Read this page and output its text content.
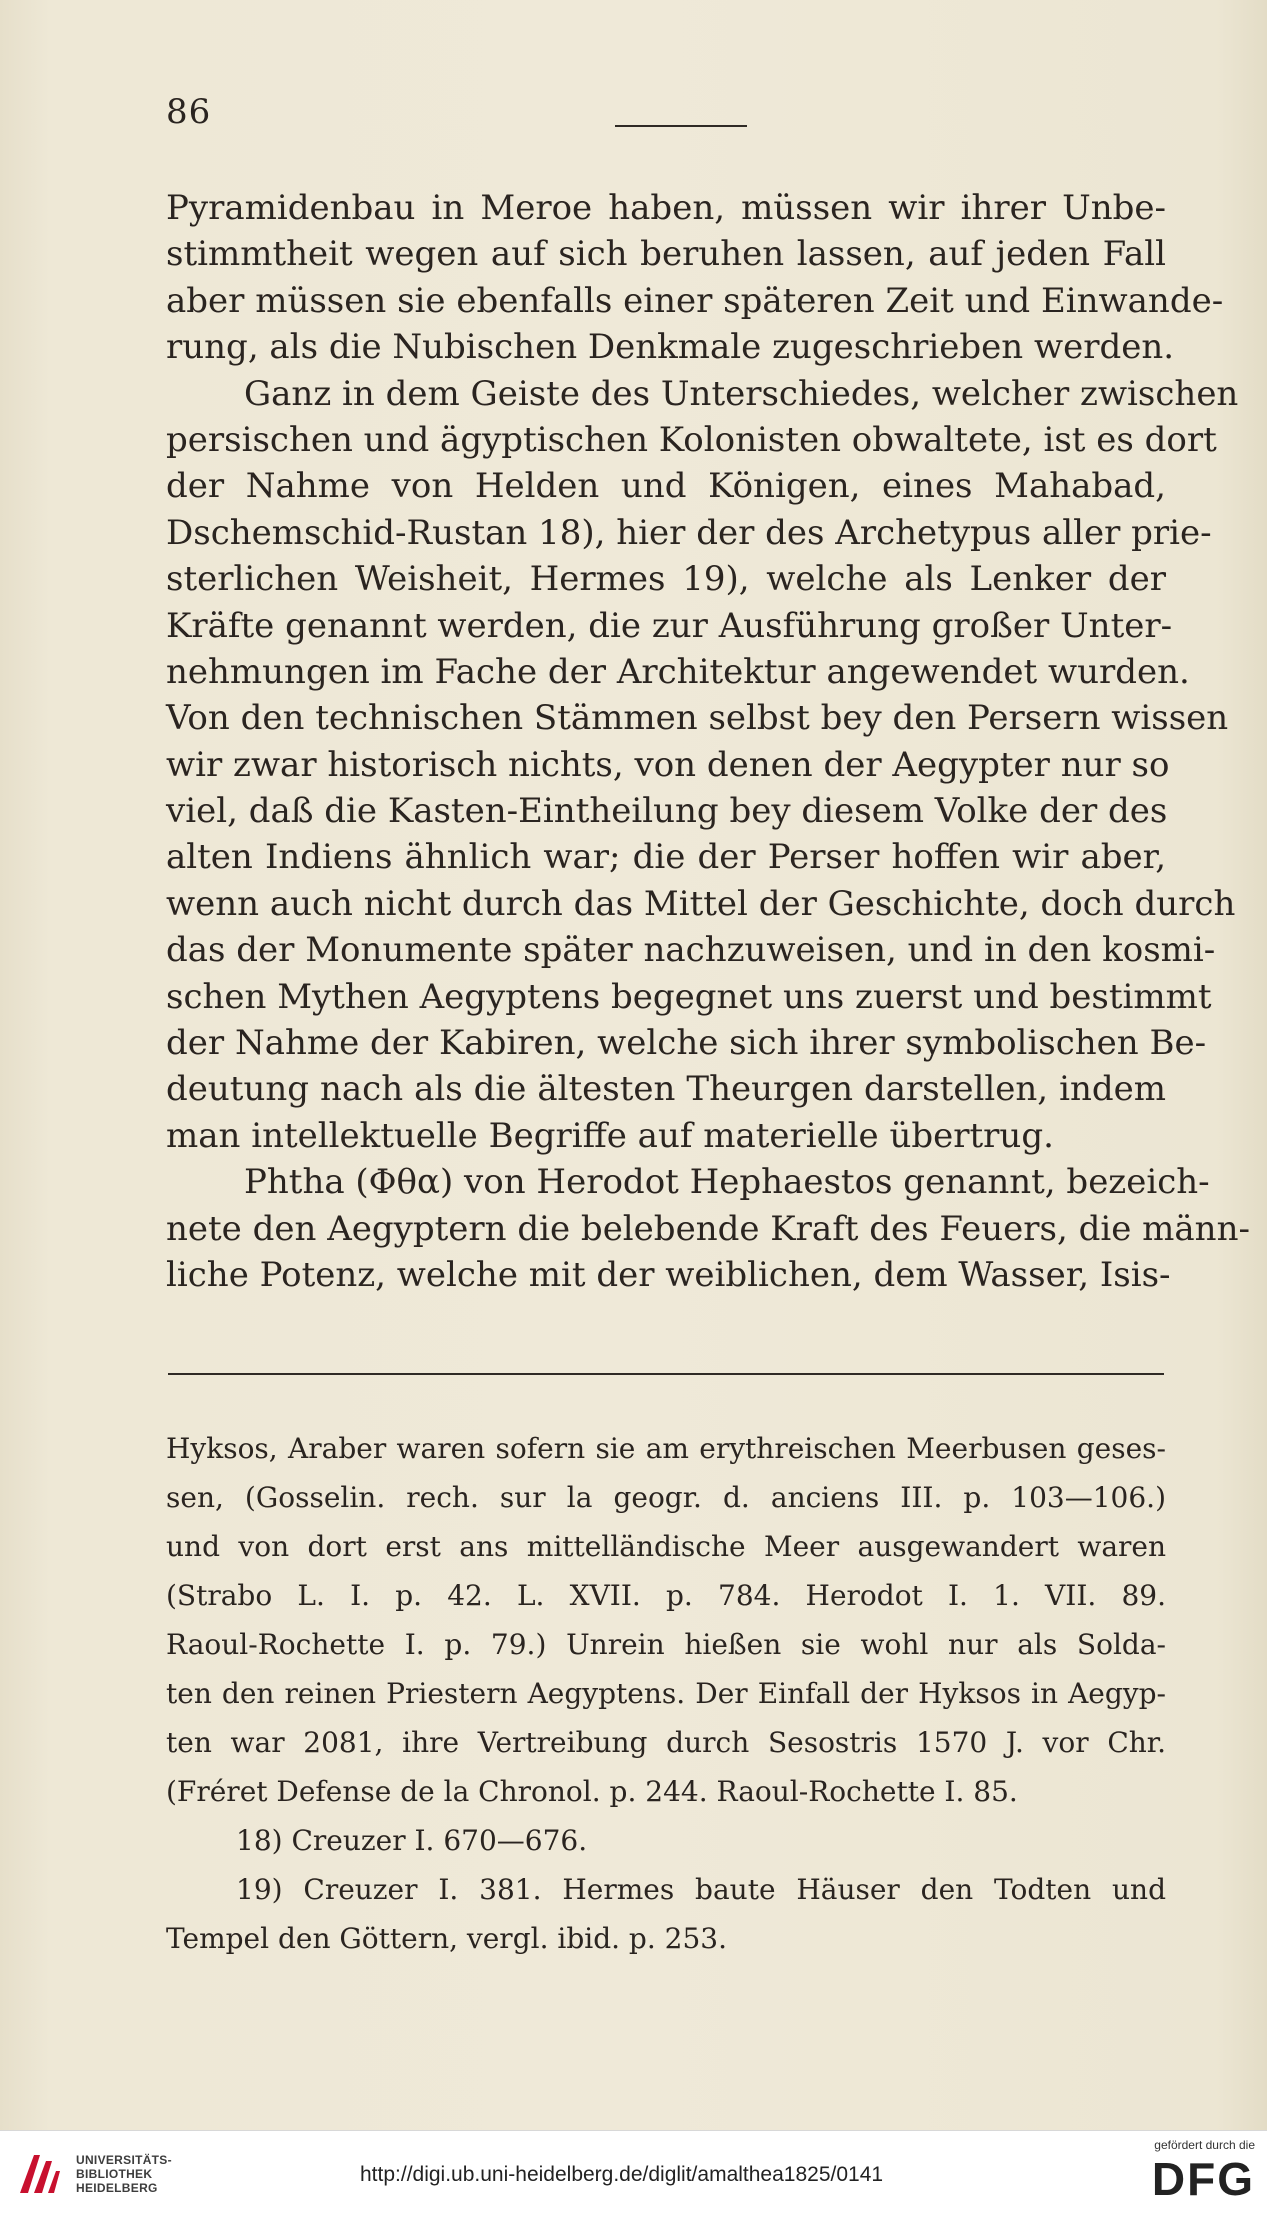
86
Pyramidenbau in Meroe haben, müssen wir ihrer Unbe-
stimmtheit wegen auf sich beruhen lassen, auf jeden Fall
aber müssen sie ebenfalls einer späteren Zeit und Einwande-
rung, als die Nubischen Denkmale zugeschrieben werden.
Ganz in dem Geiste des Unterschiedes, welcher zwischen
persischen und ägyptischen Kolonisten obwaltete, ist es dort
der Nahme von Helden und Königen, eines Mahabad,
Dschemschid-Rustan 18), hier der des Archetypus aller prie-
sterlichen Weisheit, Hermes 19), welche als Lenker der
Kräfte genannt werden, die zur Ausführung großer Unter-
nehmungen im Fache der Architektur angewendet wurden.
Von den technischen Stämmen selbst bey den Persern wissen
wir zwar historisch nichts, von denen der Aegypter nur so
viel, daß die Kasten-Eintheilung bey diesem Volke der des
alten Indiens ähnlich war; die der Perser hoffen wir aber,
wenn auch nicht durch das Mittel der Geschichte, doch durch
das der Monumente später nachzuweisen, und in den kosmi-
schen Mythen Aegyptens begegnet uns zuerst und bestimmt
der Nahme der Kabiren, welche sich ihrer symbolischen Be-
deutung nach als die ältesten Theurgen darstellen, indem
man intellektuelle Begriffe auf materielle übertrug.
Phtha (Φθα) von Herodot Hephaestos genannt, bezeich-
nete den Aegyptern die belebende Kraft des Feuers, die männ-
liche Potenz, welche mit der weiblichen, dem Wasser, Isis-
Hyksos, Araber waren sofern sie am erythreischen Meerbusen geses-
sen, (Gosselin. rech. sur la geogr. d. anciens III. p. 103—106.)
und von dort erst ans mittelländische Meer ausgewandert waren
(Strabo L. I. p. 42. L. XVII. p. 784. Herodot I. 1. VII. 89.
Raoul-Rochette I. p. 79.) Unrein hießen sie wohl nur als Solda-
ten den reinen Priestern Aegyptens. Der Einfall der Hyksos in Aegyp-
ten war 2081, ihre Vertreibung durch Sesostris 1570 J. vor Chr.
(Fréret Defense de la Chronol. p. 244. Raoul-Rochette I. 85.
18) Creuzer I. 670—676.
19) Creuzer I. 381. Hermes baute Häuser den Todten und
Tempel den Göttern, vergl. ibid. p. 253.
UNIVERSITÄTS-
BIBLIOTHEK
HEIDELBERG
http://digi.ub.uni-heidelberg.de/diglit/amalthea1825/0141
gefördert durch die
DFG
